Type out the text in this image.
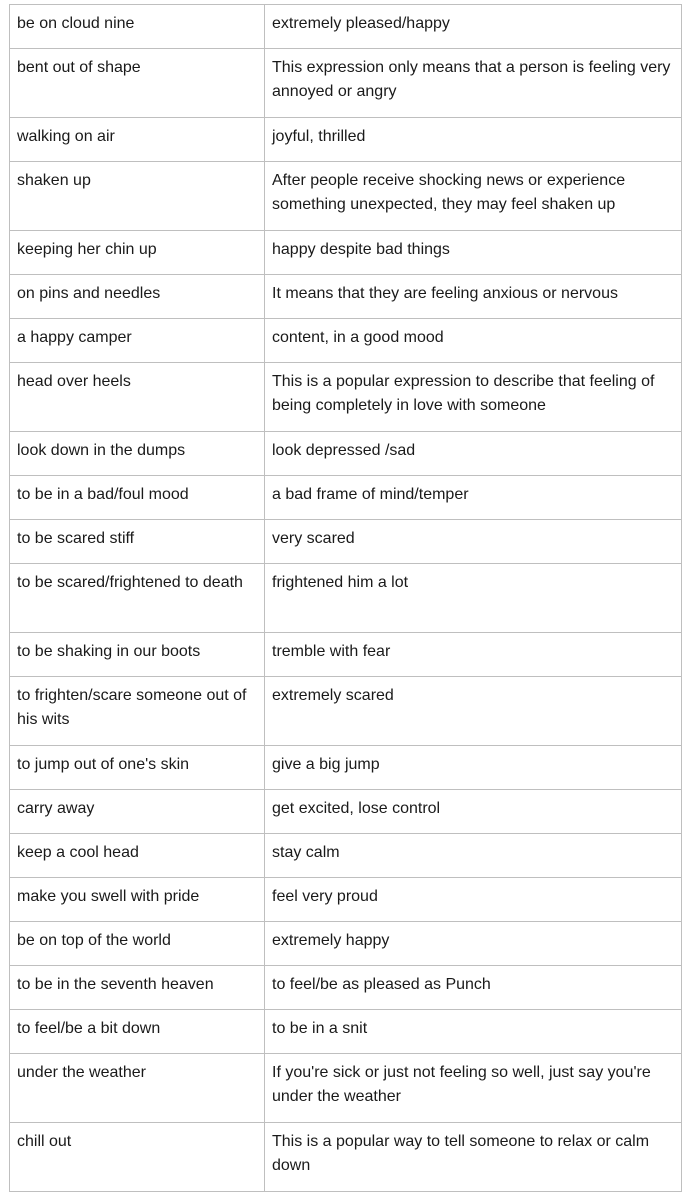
be on cloud nine	extremely pleased/happy
bent out of shape	This expression only means that a person is feeling very annoyed or angry
walking on air	joyful, thrilled
shaken up	After people receive shocking news or experience something unexpected, they may feel shaken up
keeping her chin up	happy despite bad things
on pins and needles	It means that they are feeling anxious or nervous
a happy camper	content, in a good mood
head over heels	This is a popular expression to describe that feeling of being completely in love with someone
look down in the dumps	look depressed /sad
to be in a bad/foul mood	a bad frame of mind/temper
to be scared stiff	very scared
to be scared/frightened to death	frightened him a lot
to be shaking in our boots	tremble with fear
to frighten/scare someone out of his wits	extremely scared
to jump out of one's skin	give a big jump
carry away	get excited, lose control
keep a cool head	stay calm
make you swell with pride	feel very proud
be on top of the world	extremely happy
to be in the seventh heaven	to feel/be as pleased as Punch
to feel/be a bit down	to be in a snit
under the weather	If you're sick or just not feeling so well, just say you're under the weather
chill out	This is a popular way to tell someone to relax or calm down
